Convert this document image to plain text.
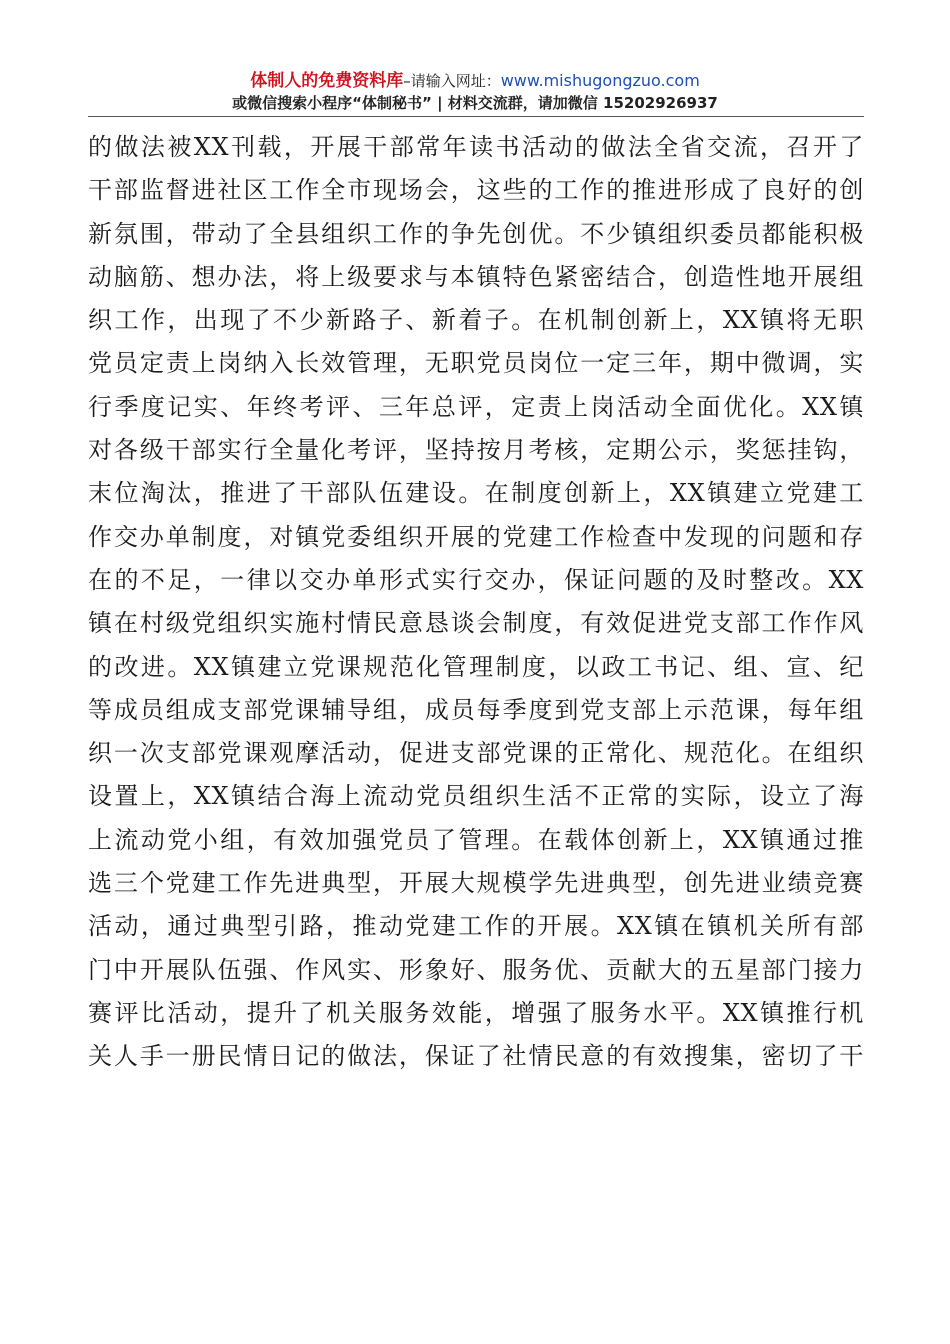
体制人的免费资料库–请输入网址：www.mishugongzuo.com
或微信搜索小程序“体制秘书” | 材料交流群，请加微信 15202926937
的做法被XX刊载，开展干部常年读书活动的做法全省交流，召开了
干部监督进社区工作全市现场会，这些的工作的推进形成了良好的创
新氛围，带动了全县组织工作的争先创优。不少镇组织委员都能积极
动脑筋、想办法，将上级要求与本镇特色紧密结合，创造性地开展组
织工作，出现了不少新路子、新着子。在机制创新上，XX镇将无职
党员定责上岗纳入长效管理，无职党员岗位一定三年，期中微调，实
行季度记实、年终考评、三年总评，定责上岗活动全面优化。XX镇
对各级干部实行全量化考评，坚持按月考核，定期公示，奖惩挂钩，
末位淘汰，推进了干部队伍建设。在制度创新上，XX镇建立党建工
作交办单制度，对镇党委组织开展的党建工作检查中发现的问题和存
在的不足，一律以交办单形式实行交办，保证问题的及时整改。XX
镇在村级党组织实施村情民意恳谈会制度，有效促进党支部工作作风
的改进。XX镇建立党课规范化管理制度，以政工书记、组、宣、纪
等成员组成支部党课辅导组，成员每季度到党支部上示范课，每年组
织一次支部党课观摩活动，促进支部党课的正常化、规范化。在组织
设置上，XX镇结合海上流动党员组织生活不正常的实际，设立了海
上流动党小组，有效加强党员了管理。在载体创新上，XX镇通过推
选三个党建工作先进典型，开展大规模学先进典型，创先进业绩竞赛
活动，通过典型引路，推动党建工作的开展。XX镇在镇机关所有部
门中开展队伍强、作风实、形象好、服务优、贡献大的五星部门接力
赛评比活动，提升了机关服务效能，增强了服务水平。XX镇推行机
关人手一册民情日记的做法，保证了社情民意的有效搜集，密切了干
